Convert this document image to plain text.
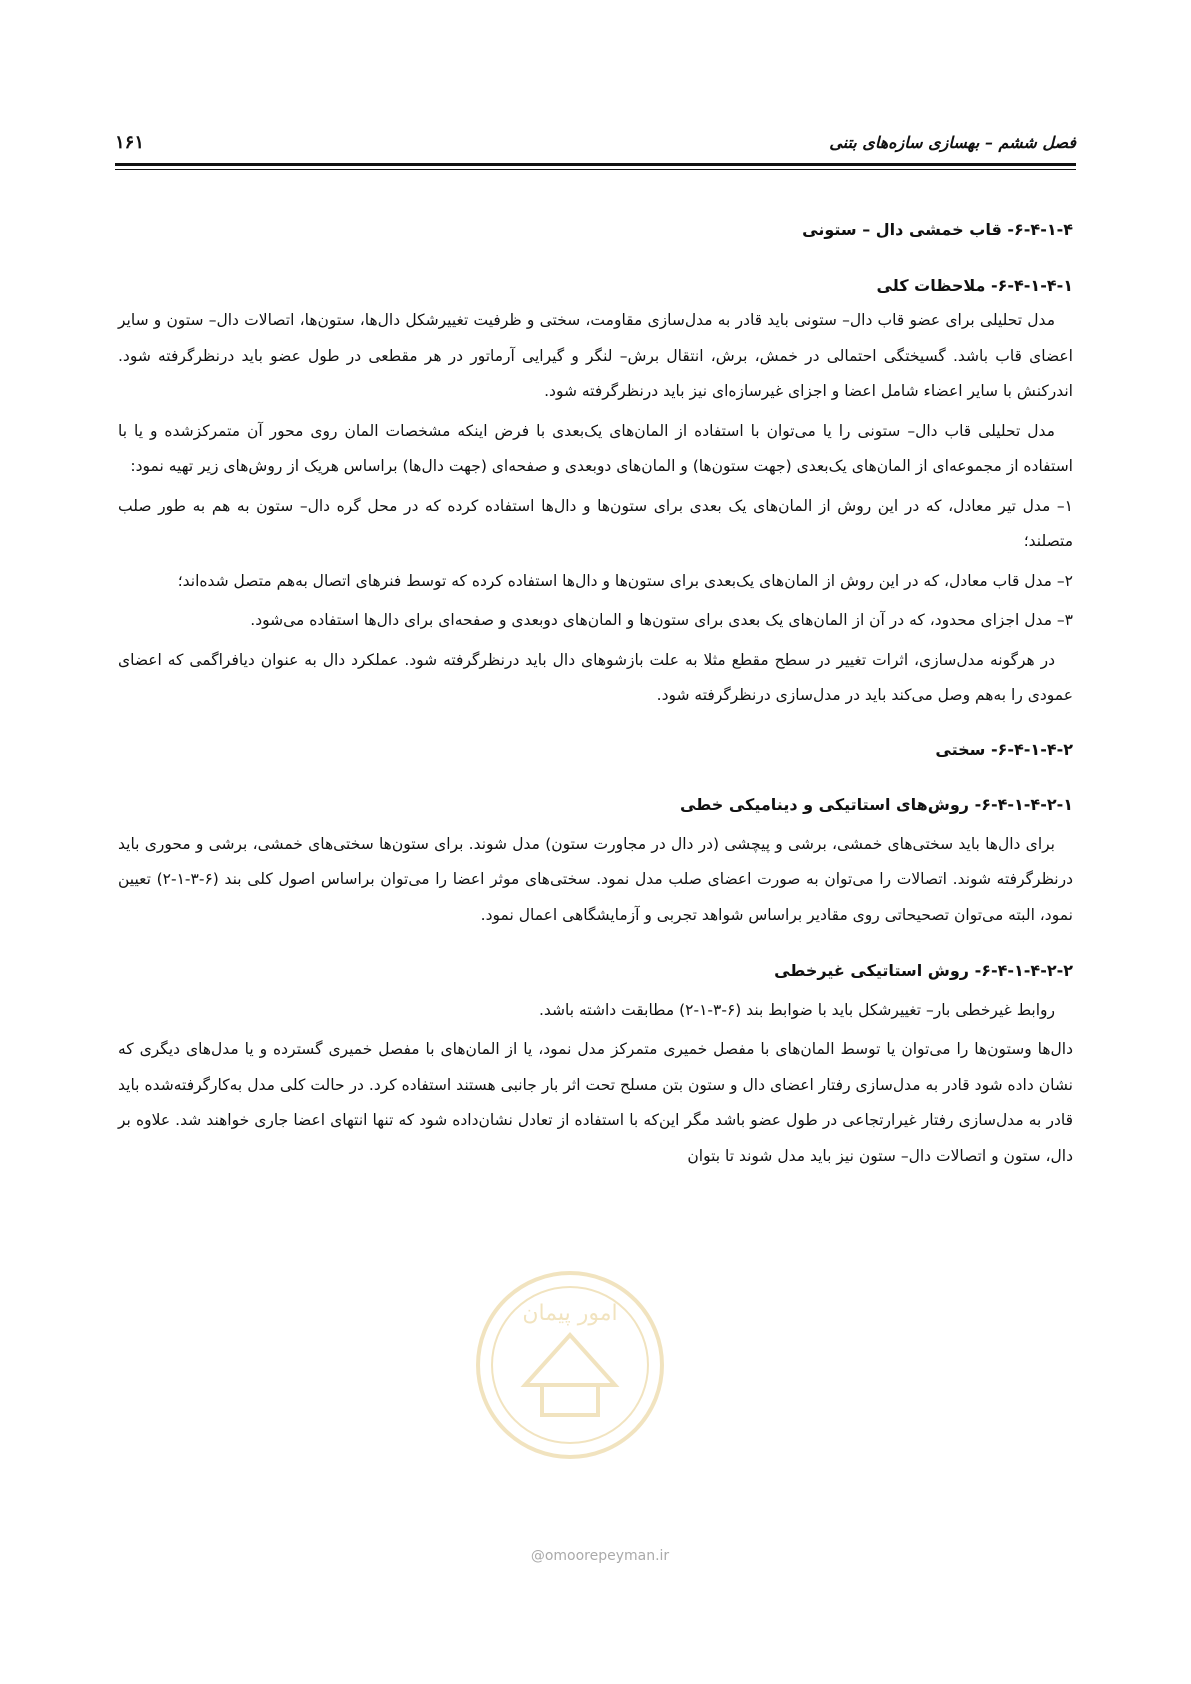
فصل ششم – بهسازی سازه‌های بتنی
۱۶۱
۶-۴-۱-۴- قاب خمشی دال – ستونی
۶-۴-۱-۴-۱- ملاحظات کلی

مدل تحلیلی برای عضو قاب دال– ستونی باید قادر به مدل‌سازی مقاومت، سختی و ظرفیت تغییرشکل دال‌ها، ستون‌ها، اتصالات دال– ستون و سایر اعضای قاب باشد. گسیختگی احتمالی در خمش، برش، انتقال برش– لنگر و گیرایی آرماتور در هر مقطعی در طول عضو باید درنظرگرفته شود. اندرکنش با سایر اعضاء شامل اعضا و اجزای غیرسازه‌ای نیز باید درنظرگرفته شود.

مدل تحلیلی قاب دال– ستونی را یا می‌توان با استفاده از المان‌های یک‌بعدی با فرض اینکه مشخصات المان روی محور آن متمرکزشده و یا با استفاده از مجموعه‌ای از المان‌های یک‌بعدی (جهت ستون‌ها) و المان‌های دوبعدی و صفحه‌ای (جهت دال‌ها) براساس هریک از روش‌های زیر تهیه نمود:

۱– مدل تیر معادل، که در این روش از المان‌های یک بعدی برای ستون‌ها و دال‌ها استفاده کرده که در محل گره دال– ستون به هم به طور صلب متصلند؛

۲– مدل قاب معادل، که در این روش از المان‌های یک‌بعدی برای ستون‌ها و دال‌ها استفاده کرده که توسط فنرهای اتصال به‌هم متصل شده‌اند؛

۳– مدل اجزای محدود، که در آن از المان‌های یک بعدی برای ستون‌ها و المان‌های دوبعدی و صفحه‌ای برای دال‌ها استفاده می‌شود.

در هرگونه مدل‌سازی، اثرات تغییر در سطح مقطع مثلا به علت بازشوهای دال باید درنظرگرفته شود. عملکرد دال به عنوان دیافراگمی که اعضای عمودی را به‌هم وصل می‌کند باید در مدل‌سازی درنظرگرفته شود.

۶-۴-۱-۴-۲- سختی
۶-۴-۱-۴-۲-۱- روش‌های استاتیکی و دینامیکی خطی

برای دال‌ها باید سختی‌های خمشی، برشی و پیچشی (در دال در مجاورت ستون) مدل شوند. برای ستون‌ها سختی‌های خمشی، برشی و محوری باید درنظرگرفته شوند. اتصالات را می‌توان به صورت اعضای صلب مدل نمود. سختی‌های موثر اعضا را می‌توان براساس اصول کلی بند (۶-۳-۱-۲) تعیین نمود، البته می‌توان تصحیحاتی روی مقادیر براساس شواهد تجربی و آزمایشگاهی اعمال نمود.

۶-۴-۱-۴-۲-۲- روش استاتیکی غیرخطی

روابط غیرخطی بار– تغییرشکل باید با ضوابط بند (۶-۳-۱-۲) مطابقت داشته باشد.

دال‌ها وستون‌ها را می‌توان یا توسط المان‌های با مفصل خمیری متمرکز مدل نمود، یا از المان‌های با مفصل خمیری گسترده و یا مدل‌های دیگری که نشان داده شود قادر به مدل‌سازی رفتار اعضای دال و ستون بتن مسلح تحت اثر بار جانبی هستند استفاده کرد. در حالت کلی مدل به‌کارگرفته‌شده باید قادر به مدل‌سازی رفتار غیرارتجاعی در طول عضو باشد مگر این‌که با استفاده از تعادل نشان‌داده شود که تنها انتهای اعضا جاری خواهند شد. علاوه بر دال، ستون و اتصالات دال– ستون نیز باید مدل شوند تا بتوان

امور پیمان
@omoorepeyman.ir
